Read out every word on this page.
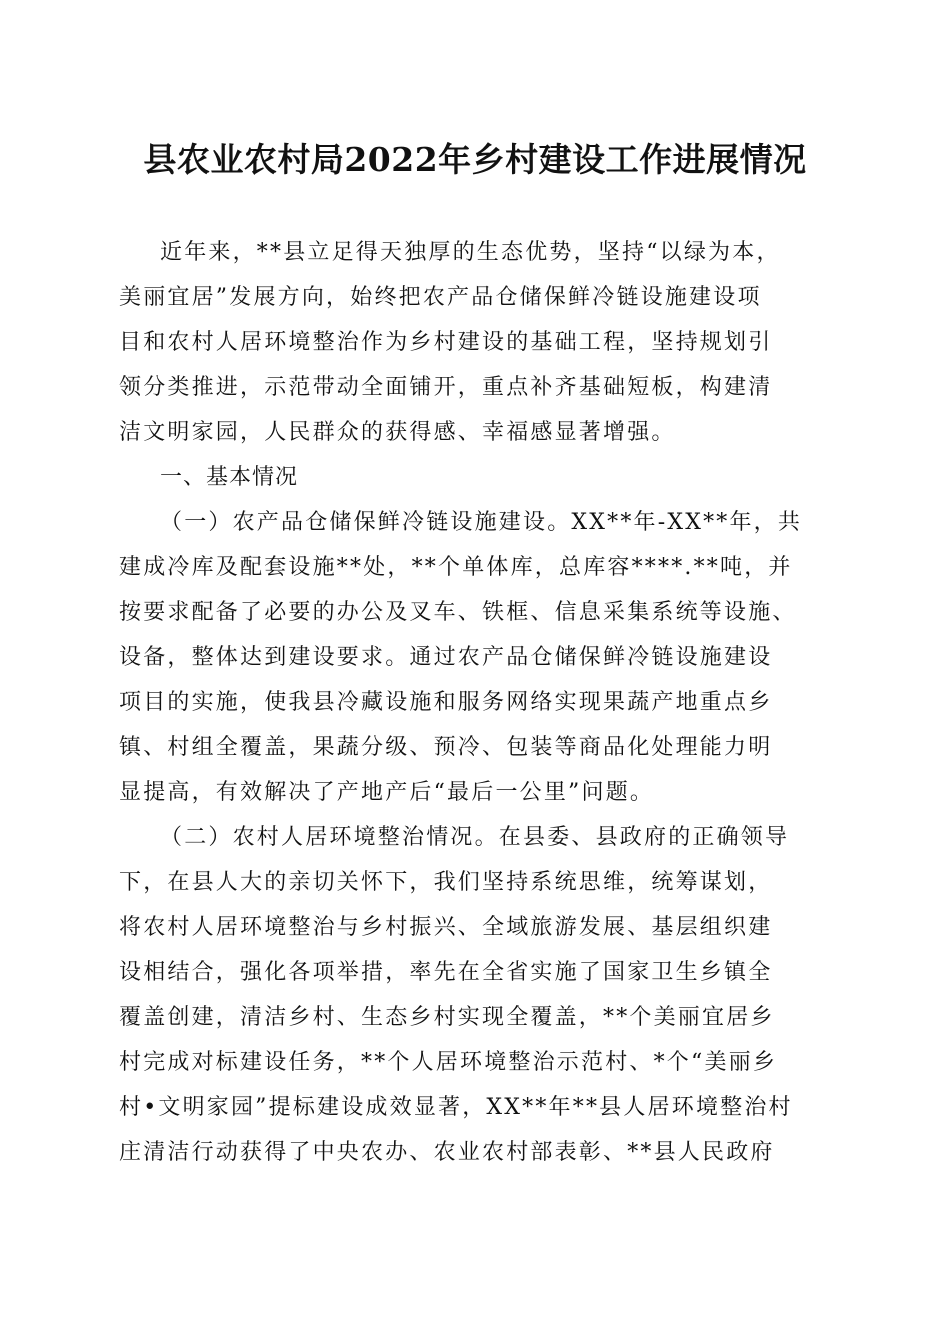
县农业农村局2022年乡村建设工作进展情况
近年来，**县立足得天独厚的生态优势，坚持“以绿为本，
美丽宜居”发展方向，始终把农产品仓储保鲜冷链设施建设项
目和农村人居环境整治作为乡村建设的基础工程，坚持规划引
领分类推进，示范带动全面铺开，重点补齐基础短板，构建清
洁文明家园，人民群众的获得感、幸福感显著增强。
一、基本情况
（一）农产品仓储保鲜冷链设施建设。XX**年-XX**年，共
建成冷库及配套设施**处，**个单体库，总库容****.**吨，并
按要求配备了必要的办公及叉车、铁框、信息采集系统等设施、
设备，整体达到建设要求。通过农产品仓储保鲜冷链设施建设
项目的实施，使我县冷藏设施和服务网络实现果蔬产地重点乡
镇、村组全覆盖，果蔬分级、预冷、包装等商品化处理能力明
显提高，有效解决了产地产后“最后一公里”问题。
（二）农村人居环境整治情况。在县委、县政府的正确领导
下，在县人大的亲切关怀下，我们坚持系统思维，统筹谋划，
将农村人居环境整治与乡村振兴、全域旅游发展、基层组织建
设相结合，强化各项举措，率先在全省实施了国家卫生乡镇全
覆盖创建，清洁乡村、生态乡村实现全覆盖，**个美丽宜居乡
村完成对标建设任务，**个人居环境整治示范村、*个“美丽乡
村•文明家园”提标建设成效显著，XX**年**县人居环境整治村
庄清洁行动获得了中央农办、农业农村部表彰、**县人民政府
